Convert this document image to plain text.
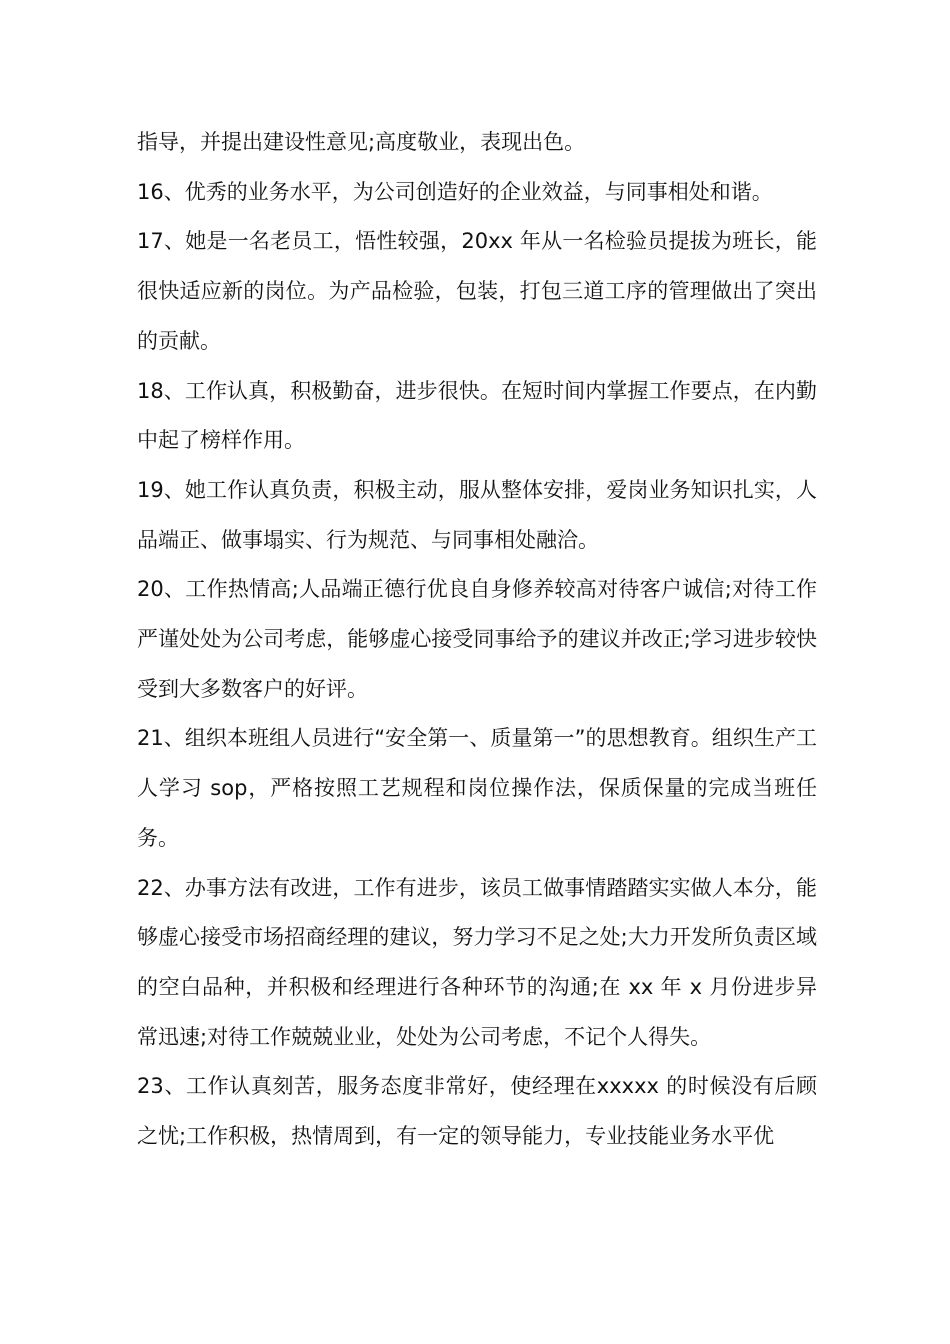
指导，并提出建设性意见;高度敬业，表现出色。

16、优秀的业务水平，为公司创造好的企业效益，与同事相处和谐。

17、她是一名老员工，悟性较强，20xx 年从一名检验员提拔为班长，能很快适应新的岗位。为产品检验，包装，打包三道工序的管理做出了突出的贡献。

18、工作认真，积极勤奋，进步很快。在短时间内掌握工作要点，在内勤中起了榜样作用。

19、她工作认真负责，积极主动，服从整体安排，爱岗业务知识扎实，人品端正、做事塌实、行为规范、与同事相处融洽。

20、工作热情高;人品端正德行优良自身修养较高对待客户诚信;对待工作严谨处处为公司考虑，能够虚心接受同事给予的建议并改正;学习进步较快受到大多数客户的好评。

21、组织本班组人员进行“安全第一、质量第一”的思想教育。组织生产工人学习 sop，严格按照工艺规程和岗位操作法，保质保量的完成当班任务。

22、办事方法有改进，工作有进步，该员工做事情踏踏实实做人本分，能够虚心接受市场招商经理的建议，努力学习不足之处;大力开发所负责区域的空白品种，并积极和经理进行各种环节的沟通;在 xx 年 x 月份进步异常迅速;对待工作兢兢业业，处处为公司考虑，不记个人得失。

23、工作认真刻苦，服务态度非常好，使经理在xxxxx 的时候没有后顾之忧;工作积极，热情周到，有一定的领导能力，专业技能业务水平优
